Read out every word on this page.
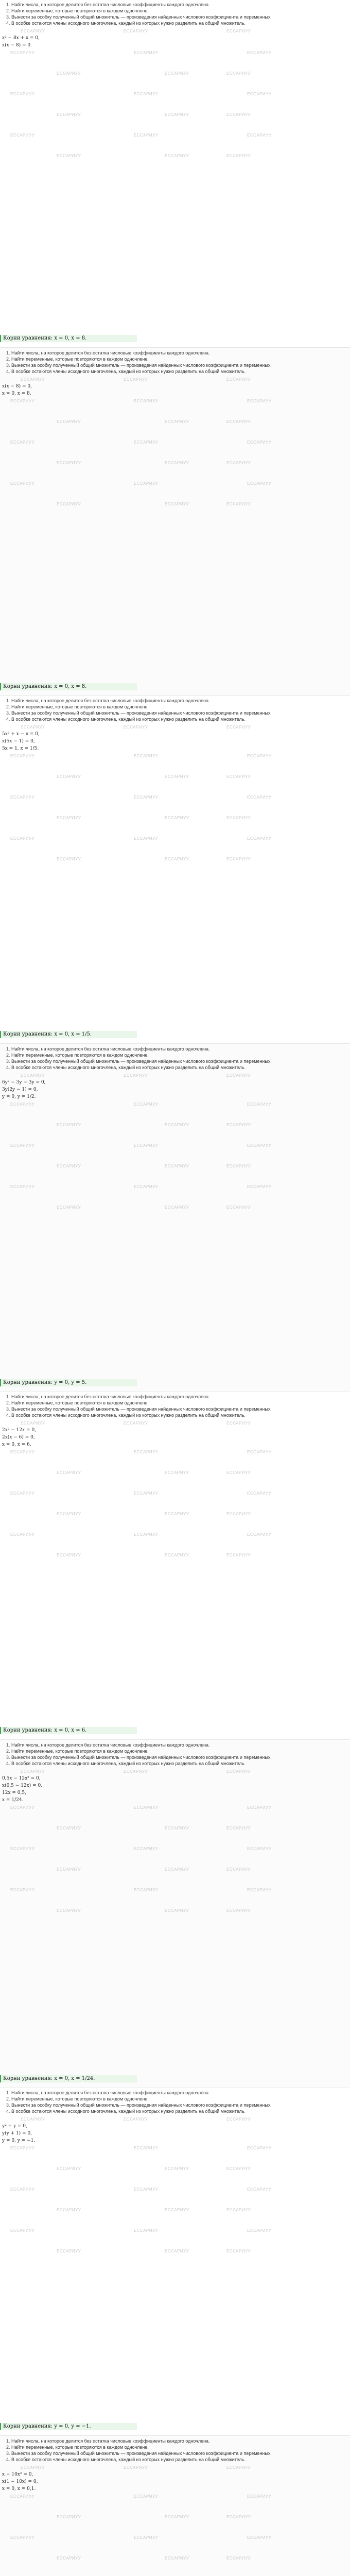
1. Найти числа, на которое делится без остатка числовые коэффициенты каждого одночлена.
2. Найти переменные, которые повторяются в каждом одночлене.
3. Вынести за особку полученный общий множитель — произведения найденных числового коэффициента и переменных.
4. В особке остаются члены исходного многочлена, каждый из которых нужно разделить на общий множитель.
ЕССАРИУУ	ЕССАРИУУ	ЕССАРИУУ
x² − 8x + x = 0,
x(x − 8) = 0.
ЕССАРИУУ	ЕССАРИУУ	ЕССАРИУУ
ЕССАРИУУ	ЕССАРИУУ	ЕССАРИУУ
ЕССАРИУУ	ЕССАРИУУ	ЕССАРИУУ
ЕССАРИУУ	ЕССАРИУУ	ЕССАРИУУ
ЕССАРИУУ	ЕССАРИУУ	ЕССАРИУУ
ЕССАРИУУ	ЕССАРИУУ	ЕССАРИУУ
Корни уравнения: x = 0, x = 8.
1. Найти числа, на которое делится без остатка числовые коэффициенты каждого одночлена.
2. Найти переменные, которые повторяются в каждом одночлене.
3. Вынести за особку полученный общий множитель — произведения найденных числового коэффициента и переменных.
4. В особке остаются члены исходного многочлена, каждый из которых нужно разделить на общий множитель.
ЕССАРИУУ	ЕССАРИУУ	ЕССАРИУУ
x(x − 8) = 0,
x = 0, x = 8.
ЕССАРИУУ	ЕССАРИУУ	ЕССАРИУУ
ЕССАРИУУ	ЕССАРИУУ	ЕССАРИУУ
ЕССАРИУУ	ЕССАРИУУ	ЕССАРИУУ
ЕССАРИУУ	ЕССАРИУУ	ЕССАРИУУ
ЕССАРИУУ	ЕССАРИУУ	ЕССАРИУУ
ЕССАРИУУ	ЕССАРИУУ	ЕССАРИУУ
Корни уравнения: x = 0, x = 8.
1. Найти числа, на которое делится без остатка числовые коэффициенты каждого одночлена.
2. Найти переменные, которые повторяются в каждом одночлене.
3. Вынести за особку полученный общий множитель — произведения найденных числового коэффициента и переменных.
4. В особке остаются члены исходного многочлена, каждый из которых нужно разделить на общий множитель.
ЕССАРИУУ	ЕССАРИУУ	ЕССАРИУУ
5x² + x − x = 0,
x(5x − 1) = 0,
5x = 1, x = 1/5.
ЕССАРИУУ	ЕССАРИУУ	ЕССАРИУУ
ЕССАРИУУ	ЕССАРИУУ	ЕССАРИУУ
ЕССАРИУУ	ЕССАРИУУ	ЕССАРИУУ
ЕССАРИУУ	ЕССАРИУУ	ЕССАРИУУ
ЕССАРИУУ	ЕССАРИУУ	ЕССАРИУУ
ЕССАРИУУ	ЕССАРИУУ	ЕССАРИУУ
Корни уравнения: x = 0, x = 1/5.
1. Найти числа, на которое делится без остатка числовые коэффициенты каждого одночлена.
2. Найти переменные, которые повторяются в каждом одночлене.
3. Вынести за особку полученный общий множитель — произведения найденных числового коэффициента и переменных.
4. В особке остаются члены исходного многочлена, каждый из которых нужно разделить на общий множитель.
ЕССАРИУУ	ЕССАРИУУ	ЕССАРИУУ
6y² − 3y − 3y = 0,
3y(2y − 1) = 0,
y = 0, y = 1/2.
ЕССАРИУУ	ЕССАРИУУ	ЕССАРИУУ
ЕССАРИУУ	ЕССАРИУУ	ЕССАРИУУ
ЕССАРИУУ	ЕССАРИУУ	ЕССАРИУУ
ЕССАРИУУ	ЕССАРИУУ	ЕССАРИУУ
ЕССАРИУУ	ЕССАРИУУ	ЕССАРИУУ
ЕССАРИУУ	ЕССАРИУУ	ЕССАРИУУ
Корни уравнения: y = 0, y = 5.
1. Найти числа, на которое делится без остатка числовые коэффициенты каждого одночлена.
2. Найти переменные, которые повторяются в каждом одночлене.
3. Вынести за особку полученный общий множитель — произведения найденных числового коэффициента и переменных.
4. В особке остаются члены исходного многочлена, каждый из которых нужно разделить на общий множитель.
ЕССАРИУУ	ЕССАРИУУ	ЕССАРИУУ
2x² − 12x = 0,
2x(x − 6) = 0,
x = 0, x = 6.
ЕССАРИУУ	ЕССАРИУУ	ЕССАРИУУ
ЕССАРИУУ	ЕССАРИУУ	ЕССАРИУУ
ЕССАРИУУ	ЕССАРИУУ	ЕССАРИУУ
ЕССАРИУУ	ЕССАРИУУ	ЕССАРИУУ
ЕССАРИУУ	ЕССАРИУУ	ЕССАРИУУ
ЕССАРИУУ	ЕССАРИУУ	ЕССАРИУУ
Корни уравнения: x = 0, x = 6.
1. Найти числа, на которое делится без остатка числовые коэффициенты каждого одночлена.
2. Найти переменные, которые повторяются в каждом одночлене.
3. Вынести за особку полученный общий множитель — произведения найденных числового коэффициента и переменных.
4. В особке остаются члены исходного многочлена, каждый из которых нужно разделить на общий множитель.
ЕССАРИУУ	ЕССАРИУУ	ЕССАРИУУ
0,5x − 12x² = 0,
x(0,5 − 12x) = 0,
12x = 0,5,
x = 1/24.
ЕССАРИУУ	ЕССАРИУУ	ЕССАРИУУ
ЕССАРИУУ	ЕССАРИУУ	ЕССАРИУУ
ЕССАРИУУ	ЕССАРИУУ	ЕССАРИУУ
ЕССАРИУУ	ЕССАРИУУ	ЕССАРИУУ
ЕССАРИУУ	ЕССАРИУУ	ЕССАРИУУ
ЕССАРИУУ	ЕССАРИУУ	ЕССАРИУУ
Корни уравнения: x = 0, x = 1/24.
1. Найти числа, на которое делится без остатка числовые коэффициенты каждого одночлена.
2. Найти переменные, которые повторяются в каждом одночлене.
3. Вынести за особку полученный общий множитель — произведения найденных числового коэффициента и переменных.
4. В особке остаются члены исходного многочлена, каждый из которых нужно разделить на общий множитель.
ЕССАРИУУ	ЕССАРИУУ	ЕССАРИУУ
y² + y = 0,
y(y + 1) = 0,
y = 0, y = −1.
ЕССАРИУУ	ЕССАРИУУ	ЕССАРИУУ
ЕССАРИУУ	ЕССАРИУУ	ЕССАРИУУ
ЕССАРИУУ	ЕССАРИУУ	ЕССАРИУУ
ЕССАРИУУ	ЕССАРИУУ	ЕССАРИУУ
ЕССАРИУУ	ЕССАРИУУ	ЕССАРИУУ
ЕССАРИУУ	ЕССАРИУУ	ЕССАРИУУ
Корни уравнения: y = 0, y = −1.
1. Найти числа, на которое делится без остатка числовые коэффициенты каждого одночлена.
2. Найти переменные, которые повторяются в каждом одночлене.
3. Вынести за особку полученный общий множитель — произведения найденных числового коэффициента и переменных.
4. В особке остаются члены исходного многочлена, каждый из которых нужно разделить на общий множитель.
ЕССАРИУУ	ЕССАРИУУ	ЕССАРИУУ
x − 10x² = 0,
x(1 − 10x) = 0,
x = 0, x = 0,1.
ЕССАРИУУ	ЕССАРИУУ	ЕССАРИУУ
ЕССАРИУУ	ЕССАРИУУ	ЕССАРИУУ
ЕССАРИУУ	ЕССАРИУУ	ЕССАРИУУ
ЕССАРИУУ	ЕССАРИУУ	ЕССАРИУУ
